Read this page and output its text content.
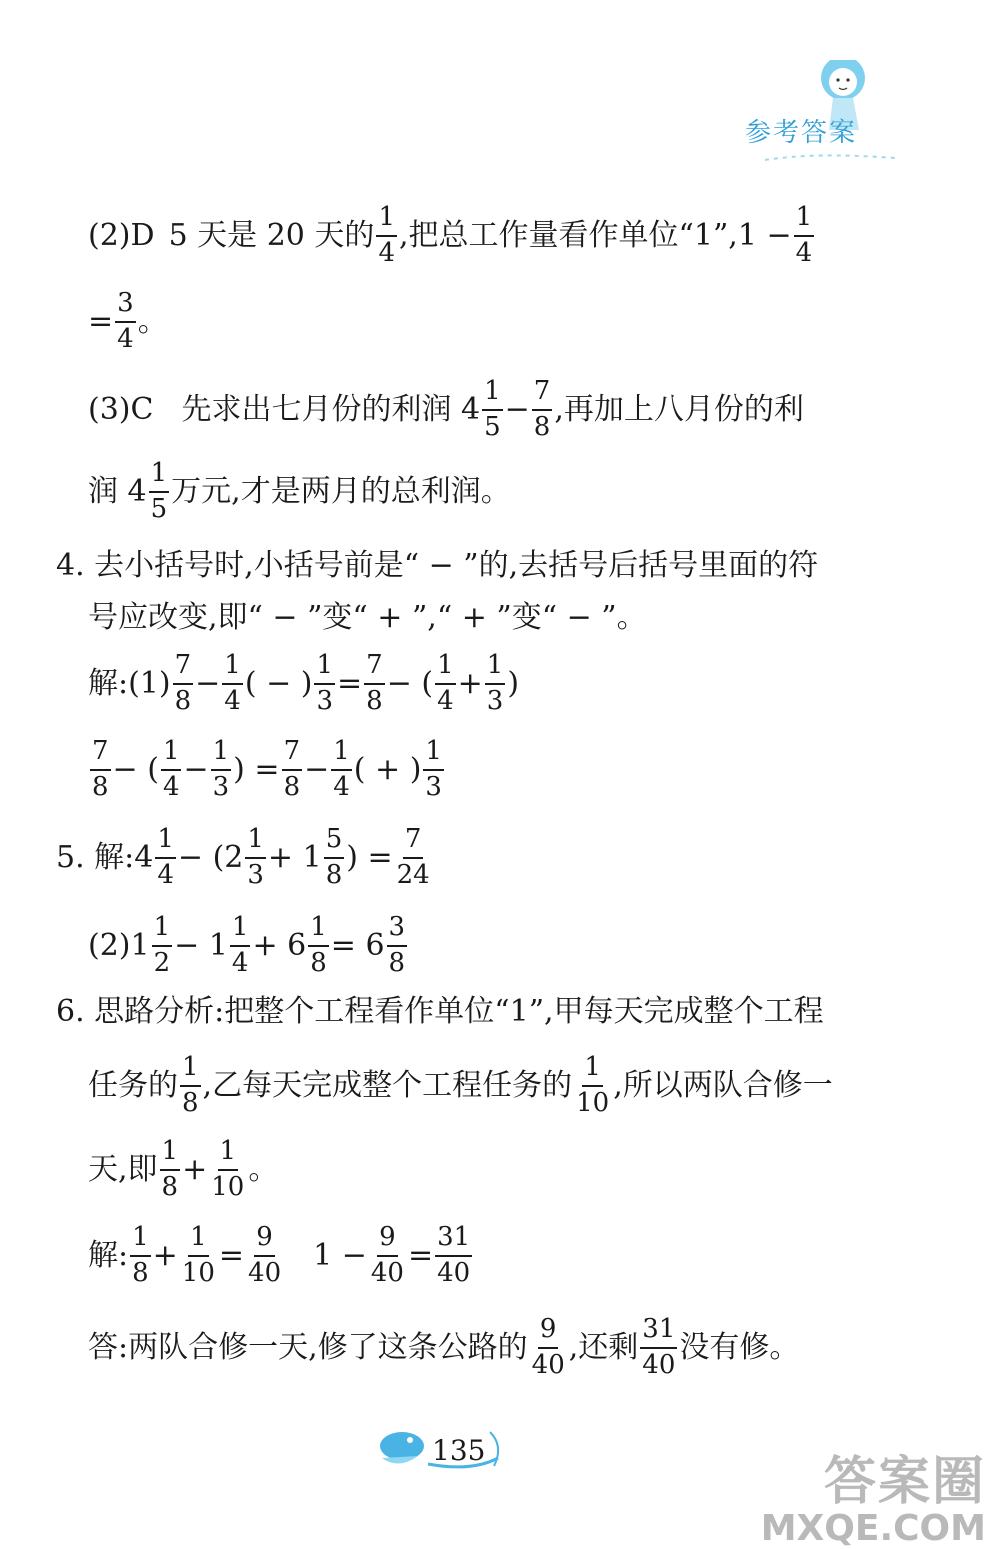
参考答案
(2)D 5 天是 20 天的 $\frac{1}{4}$ ,把总工作量看作单位“1”,1 − $\frac{1}{4}$
= $\frac{3}{4}$ 。
(3)C 先求出七月份的利润 $4 \frac{1}{5} - \frac{7}{8}$ ,再加上八月份的利
润 $4 \frac{1}{5}$ 万元,才是两月的总利润。
4. 去小括号时,小括号前是“ − ”的,去括号后括号里面的符
号应改变,即“ − ”变“ + ”,“ + ”变“ − ”。
解:(1) $\frac{7}{8} - \frac{1}{4}$ ( − ) $\frac{1}{3} = \frac{7}{8}$ − ( $\frac{1}{4} + \frac{1}{3}$ )
$\frac{7}{8}$ − ( $\frac{1}{4} - \frac{1}{3}$ ) = $\frac{7}{8} - \frac{1}{4}$ ( + ) $\frac{1}{3}$
5. 解:4 $\frac{1}{4} - (2 \frac{1}{3} + 1 \frac{5}{8}$ ) = $\frac{7}{24}$
$(2)1 \frac{1}{2} - 1 \frac{1}{4} + 6 \frac{1}{8} = 6 \frac{3}{8}$
6. 思路分析:把整个工程看作单位“1”,甲每天完成整个工程
任务的 $\frac{1}{8}$ ,乙每天完成整个工程任务的 $\frac{1}{10}$ ,所以两队合修一
天,即 $\frac{1}{8} + \frac{1}{10}$ 。
解: $\frac{1}{8} + \frac{1}{10} = \frac{9}{40} 1 - \frac{9}{40} = \frac{31}{40}$
答:两队合修一天,修了这条公路的 $\frac{9}{40}$ ,还剩 $\frac{31}{40}$ 没有修。
135
答案圈
MXQE.COM
